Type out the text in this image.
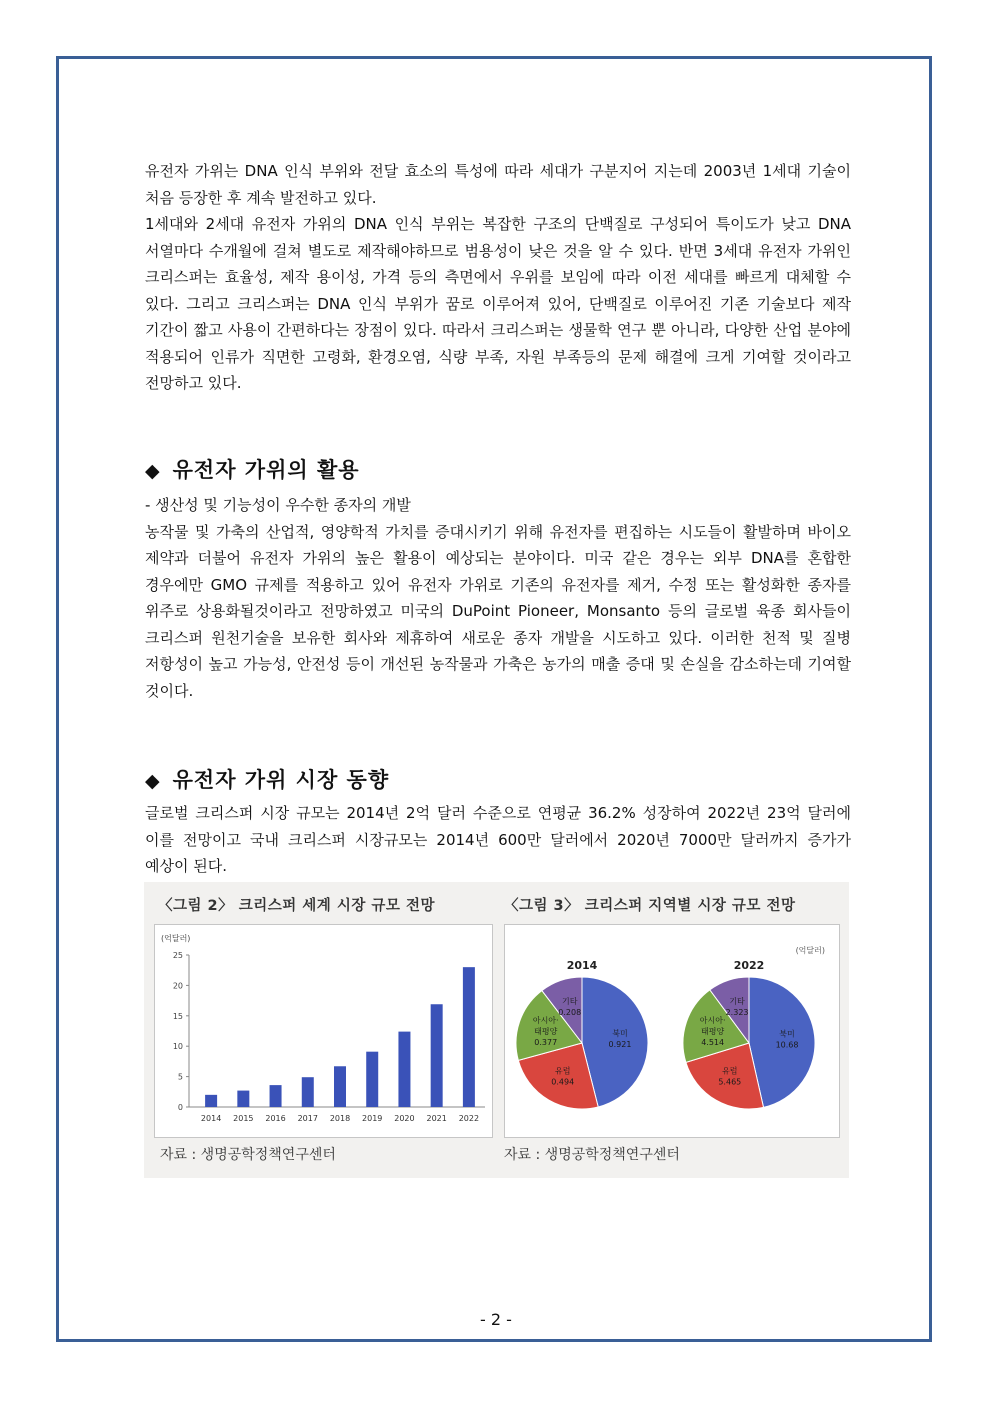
유전자 가위는 DNA 인식 부위와 전달 효소의 특성에 따라 세대가 구분지어 지는데 2003년 1세대 기술이 처음 등장한 후 계속 발전하고 있다.

1세대와 2세대 유전자 가위의 DNA 인식 부위는 복잡한 구조의 단백질로 구성되어 특이도가 낮고 DNA 서열마다 수개월에 걸쳐 별도로 제작해야하므로 범용성이 낮은 것을 알 수 있다. 반면 3세대 유전자 가위인 크리스퍼는 효율성, 제작 용이성, 가격 등의 측면에서 우위를 보임에 따라 이전 세대를 빠르게 대체할 수 있다. 그리고 크리스퍼는 DNA 인식 부위가 꿈로 이루어져 있어, 단백질로 이루어진 기존 기술보다 제작 기간이 짧고 사용이 간편하다는 장점이 있다. 따라서 크리스퍼는 생물학 연구 뿐 아니라, 다양한 산업 분야에 적용되어 인류가 직면한 고령화, 환경오염, 식량 부족, 자원 부족등의 문제 해결에 크게 기여할 것이라고 전망하고 있다.

◆ 유전자 가위의 활용

- 생산성 및 기능성이 우수한 종자의 개발

농작물 및 가축의 산업적, 영양학적 가치를 증대시키기 위해 유전자를 편집하는 시도들이 활발하며 바이오 제약과 더불어 유전자 가위의 높은 활용이 예상되는 분야이다. 미국 같은 경우는 외부 DNA를 혼합한 경우에만 GMO 규제를 적용하고 있어 유전자 가위로 기존의 유전자를 제거, 수정 또는 활성화한 종자를 위주로 상용화될것이라고 전망하였고 미국의 DuPoint Pioneer, Monsanto 등의 글로벌 육종 회사들이 크리스퍼 원천기술을 보유한 회사와 제휴하여 새로운 종자 개발을 시도하고 있다. 이러한 천적 및 질병 저항성이 높고 가능성, 안전성 등이 개선된 농작물과 가축은 농가의 매출 증대 및 손실을 감소하는데 기여할 것이다.

◆ 유전자 가위 시장 동향

글로벌 크리스퍼 시장 규모는 2014년 2억 달러 수준으로 연평균 36.2% 성장하여 2022년 23억 달러에 이를 전망이고 국내 크리스퍼 시장규모는 2014년 600만 달러에서 2020년 7000만 달러까지 증가가 예상이 된다.

〈그림 2〉 크리스퍼 세계 시장 규모 전망	〈그림 3〉 크리스퍼 지역별 시장 규모 전망
(억달러)
0
5
10
15
20
25
2014 2015 2016 2017 2018 2019 2020 2021 2022
(억달러)
2014
북미
0.921
유럽
0.494
아시아·
태평양
0.377
기타
0.208
2022
북미
10.68
유럽
5.465
아시아·
태평양
4.514
기타
2.323
자료 : 생명공학정책연구센터	자료 : 생명공학정책연구센터
- 2 -
